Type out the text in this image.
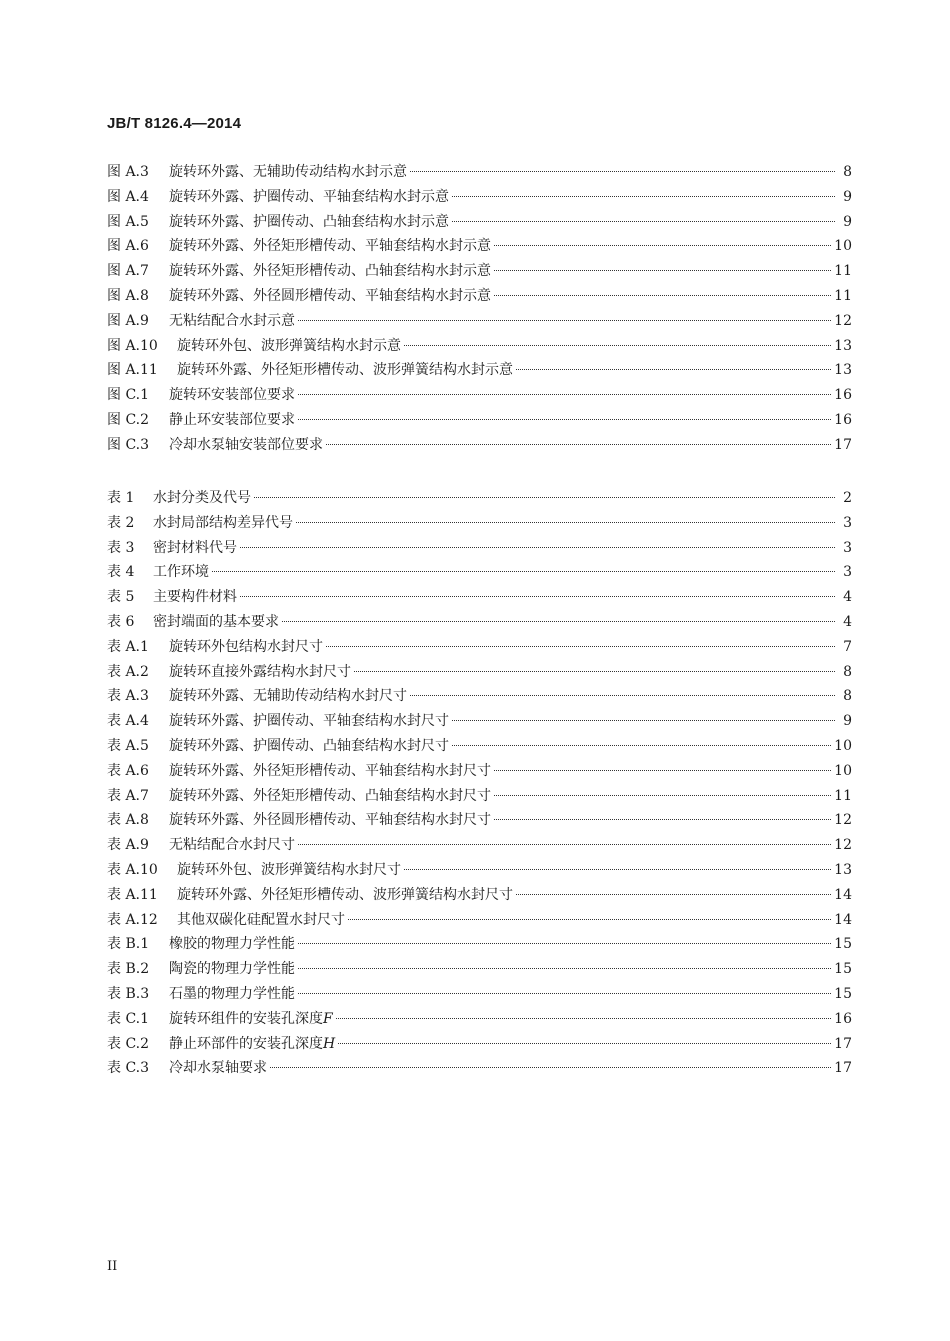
JB/T 8126.4—2014
图 A.3	旋转环外露、无辅助传动结构水封示意	8
图 A.4	旋转环外露、护圈传动、平轴套结构水封示意	9
图 A.5	旋转环外露、护圈传动、凸轴套结构水封示意	9
图 A.6	旋转环外露、外径矩形槽传动、平轴套结构水封示意	10
图 A.7	旋转环外露、外径矩形槽传动、凸轴套结构水封示意	11
图 A.8	旋转环外露、外径圆形槽传动、平轴套结构水封示意	11
图 A.9	无粘结配合水封示意	12
图 A.10	旋转环外包、波形弹簧结构水封示意	13
图 A.11	旋转环外露、外径矩形槽传动、波形弹簧结构水封示意	13
图 C.1	旋转环安装部位要求	16
图 C.2	静止环安装部位要求	16
图 C.3	冷却水泵轴安装部位要求	17
表 1	水封分类及代号	2
表 2	水封局部结构差异代号	3
表 3	密封材料代号	3
表 4	工作环境	3
表 5	主要构件材料	4
表 6	密封端面的基本要求	4
表 A.1	旋转环外包结构水封尺寸	7
表 A.2	旋转环直接外露结构水封尺寸	8
表 A.3	旋转环外露、无辅助传动结构水封尺寸	8
表 A.4	旋转环外露、护圈传动、平轴套结构水封尺寸	9
表 A.5	旋转环外露、护圈传动、凸轴套结构水封尺寸	10
表 A.6	旋转环外露、外径矩形槽传动、平轴套结构水封尺寸	10
表 A.7	旋转环外露、外径矩形槽传动、凸轴套结构水封尺寸	11
表 A.8	旋转环外露、外径圆形槽传动、平轴套结构水封尺寸	12
表 A.9	无粘结配合水封尺寸	12
表 A.10	旋转环外包、波形弹簧结构水封尺寸	13
表 A.11	旋转环外露、外径矩形槽传动、波形弹簧结构水封尺寸	14
表 A.12	其他双碳化硅配置水封尺寸	14
表 B.1	橡胶的物理力学性能	15
表 B.2	陶瓷的物理力学性能	15
表 B.3	石墨的物理力学性能	15
表 C.1	旋转环组件的安装孔深度F	16
表 C.2	静止环部件的安装孔深度H	17
表 C.3	冷却水泵轴要求	17
II
